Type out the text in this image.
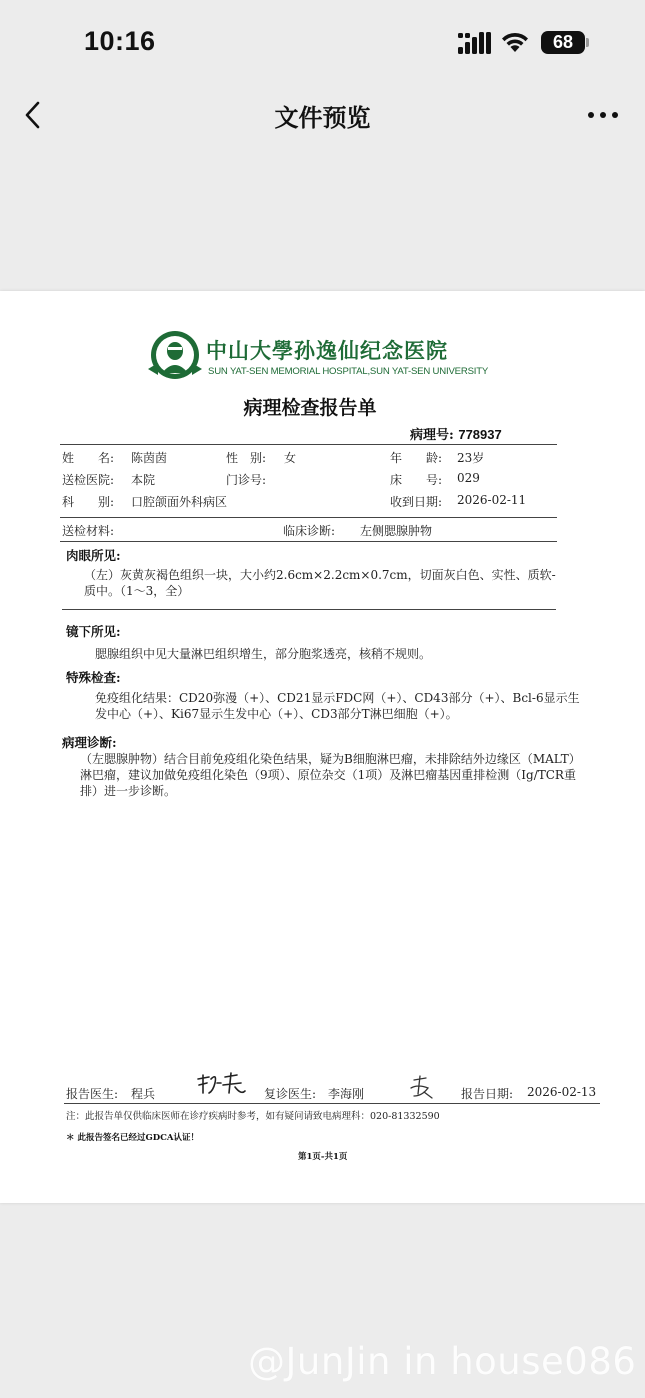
10:16	68
文件预览
中山大學孙逸仙纪念医院
SUN YAT-SEN MEMORIAL HOSPITAL,SUN YAT-SEN UNIVERSITY
病理检查报告单
病理号: 778937
姓　　名: 陈茵茵	性　别: 女	年　　龄: 23岁
送检医院: 本院	门诊号:	床　　号: 029
科　　别: 口腔颌面外科病区	收到日期: 2026-02-11
送检材料:	临床诊断: 左侧腮腺肿物
肉眼所见:
（左）灰黄灰褐色组织一块，大小约2.6cm×2.2cm×0.7cm，切面灰白色、实性、质软-质中。（1～3，全）
镜下所见:
腮腺组织中见大量淋巴组织增生，部分胞浆透亮，核稍不规则。
特殊检查:
免疫组化结果：CD20弥漫（+）、CD21显示FDC网（+）、CD43部分（+）、Bcl-6显示生发中心（+）、Ki67显示生发中心（+）、CD3部分T淋巴细胞（+）。
病理诊断:
（左腮腺肿物）结合目前免疫组化染色结果，疑为B细胞淋巴瘤，未排除结外边缘区（MALT）淋巴瘤，建议加做免疫组化染色（9项）、原位杂交（1项）及淋巴瘤基因重排检测（Ig/TCR重排）进一步诊断。
报告医生: 程兵	复诊医生: 李海刚	报告日期: 2026-02-13
注：此报告单仅供临床医师在诊疗疾病时参考，如有疑问请致电病理科：020-81332590
＊ 此报告签名已经过GDCA认证！
第1页-共1页
@JunJin in house086
